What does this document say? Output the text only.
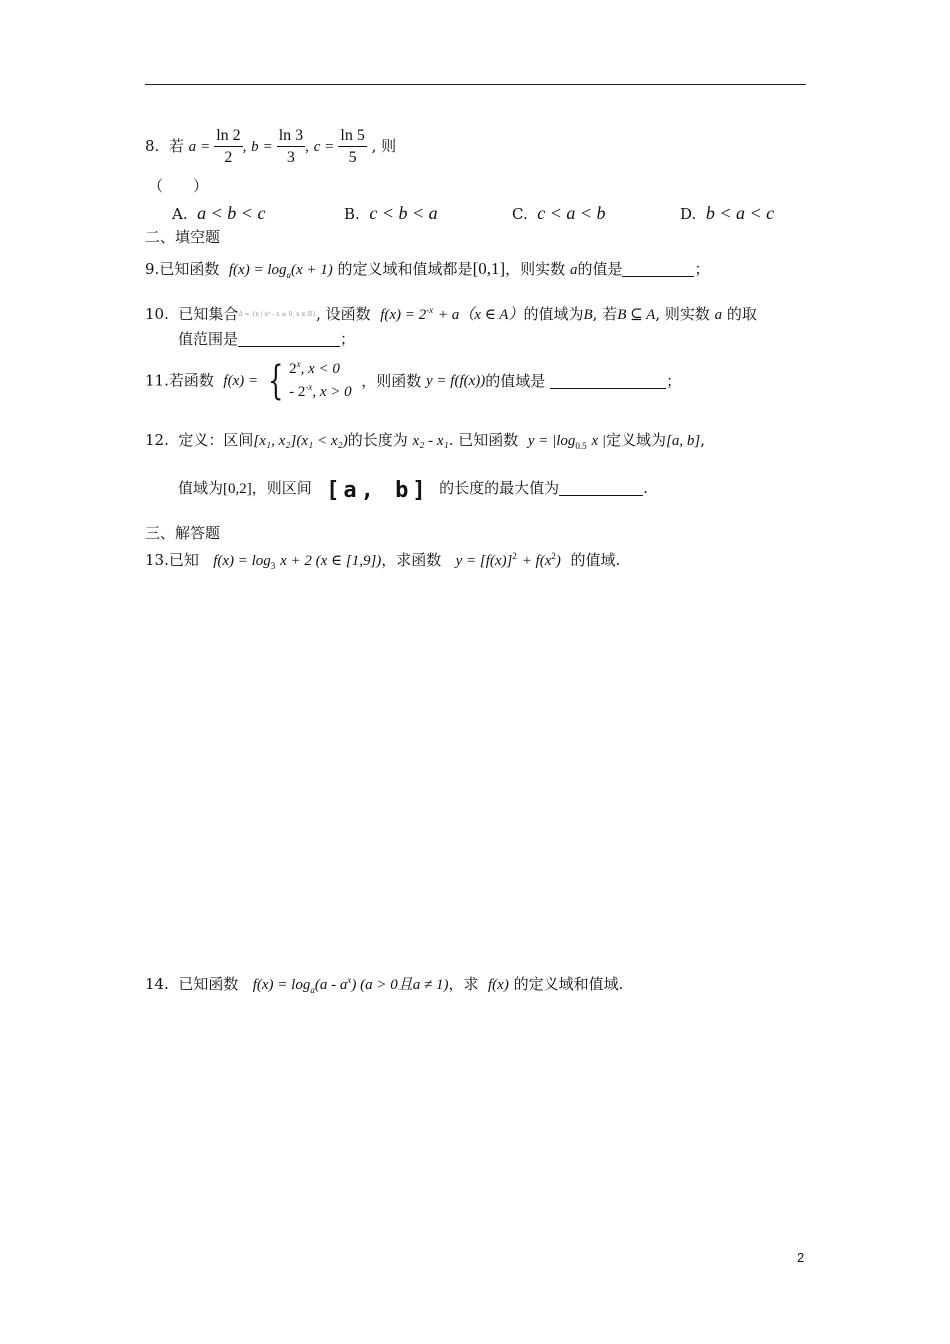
8. 若 $a = \frac{\ln 2}{2}$ , $b = \frac{\ln 3}{3}$ , $c = \frac{\ln 5}{5}$ , 则
（　　）
A. a < b < c	B. c < b < a	C. c < a < b	D. b < a < c
二、填空题
9.已知函数 $f(x) = \log_a(x + 1)$ 的定义域和值域都是[0,1]，则实数 a的值是	；
10. 已知集合A = {x | x² - x ≤ 0, x ∈ R}, 设函数 $f(x) = 2^{-x} + a(x$ ∈ A）的值域为B, 若B ⊆ A, 则实数 a 的取
值范围是	；
11.若函数 f(x) = { 2$^x$, x < 0
- $2^{-x}$, x > 0
，则函数 y = f(f(x))的值域是	；
12. 定义：区间[x₁, x₂](x₁ < x₂)的长度为 x₂ - x₁. 已知函数 $y = |\log_{0.5}$ x |定义域为[a, b],
值域为[0,2]，则区间 [a, b] 的长度的最大值为	.
三、解答题
13.已知 $f(x) = \log_3 x + 2$ (x ∈ [1,9])，求函数 $y = [f(x)]^2 + f(x^2)$ 的值域.
14. 已知函数 $f(x) = \log_a(a - a^x) (a > 0$且a ≠ 1)，求 f(x) 的定义域和值域.
2
